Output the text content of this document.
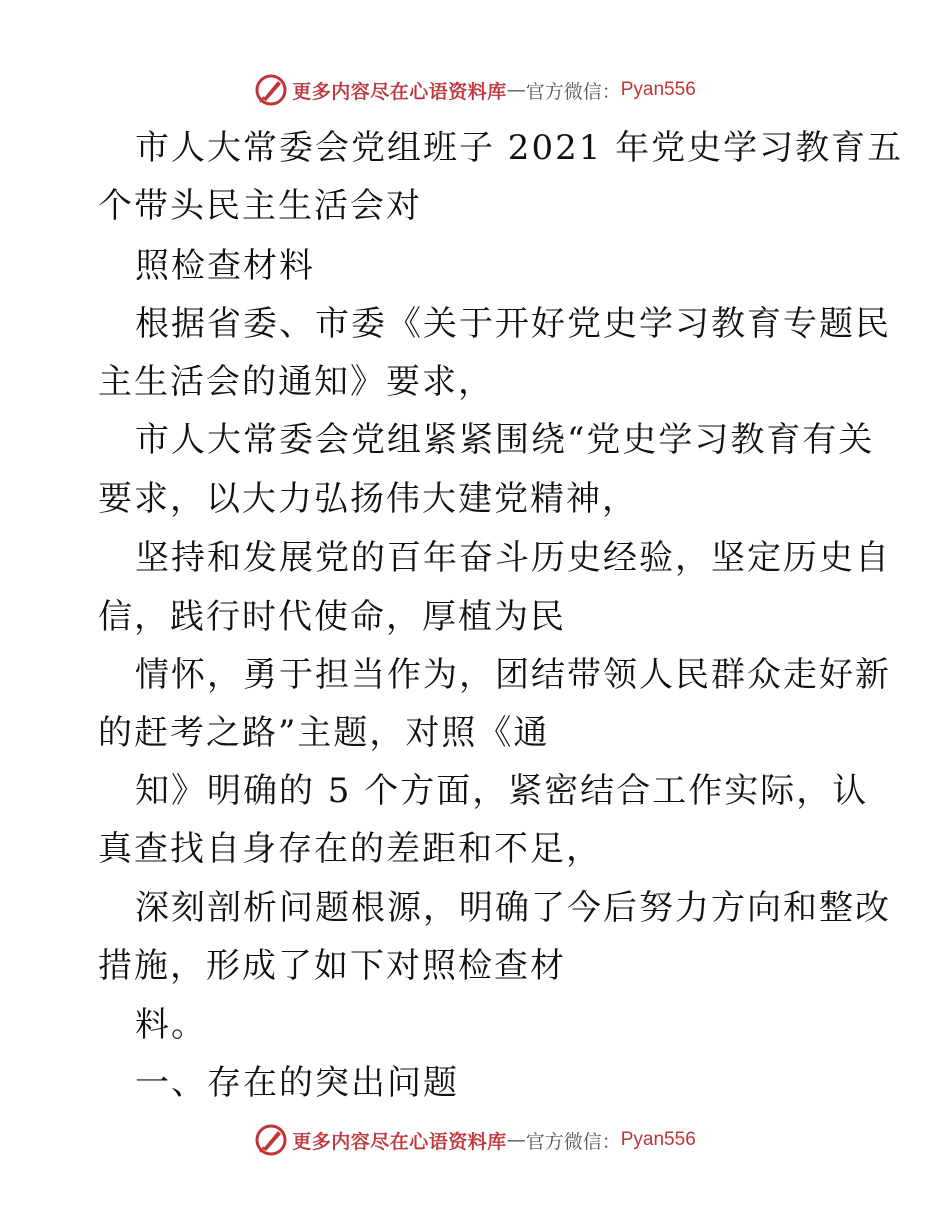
更多内容尽在心语资料库 — 官方微信： Pyan556
市人大常委会党组班子 2021 年党史学习教育五
个带头民主生活会对
照检查材料
根据省委、市委《关于开好党史学习教育专题民
主生活会的通知》要求，
市人大常委会党组紧紧围绕“党史学习教育有关
要求，以大力弘扬伟大建党精神，
坚持和发展党的百年奋斗历史经验，坚定历史自
信，践行时代使命，厚植为民
情怀，勇于担当作为，团结带领人民群众走好新
的赶考之路”主题，对照《通
知》明确的 5 个方面，紧密结合工作实际，认
真查找自身存在的差距和不足，
深刻剖析问题根源，明确了今后努力方向和整改
措施，形成了如下对照检查材
料。
一、存在的突出问题
更多内容尽在心语资料库 — 官方微信： Pyan556
